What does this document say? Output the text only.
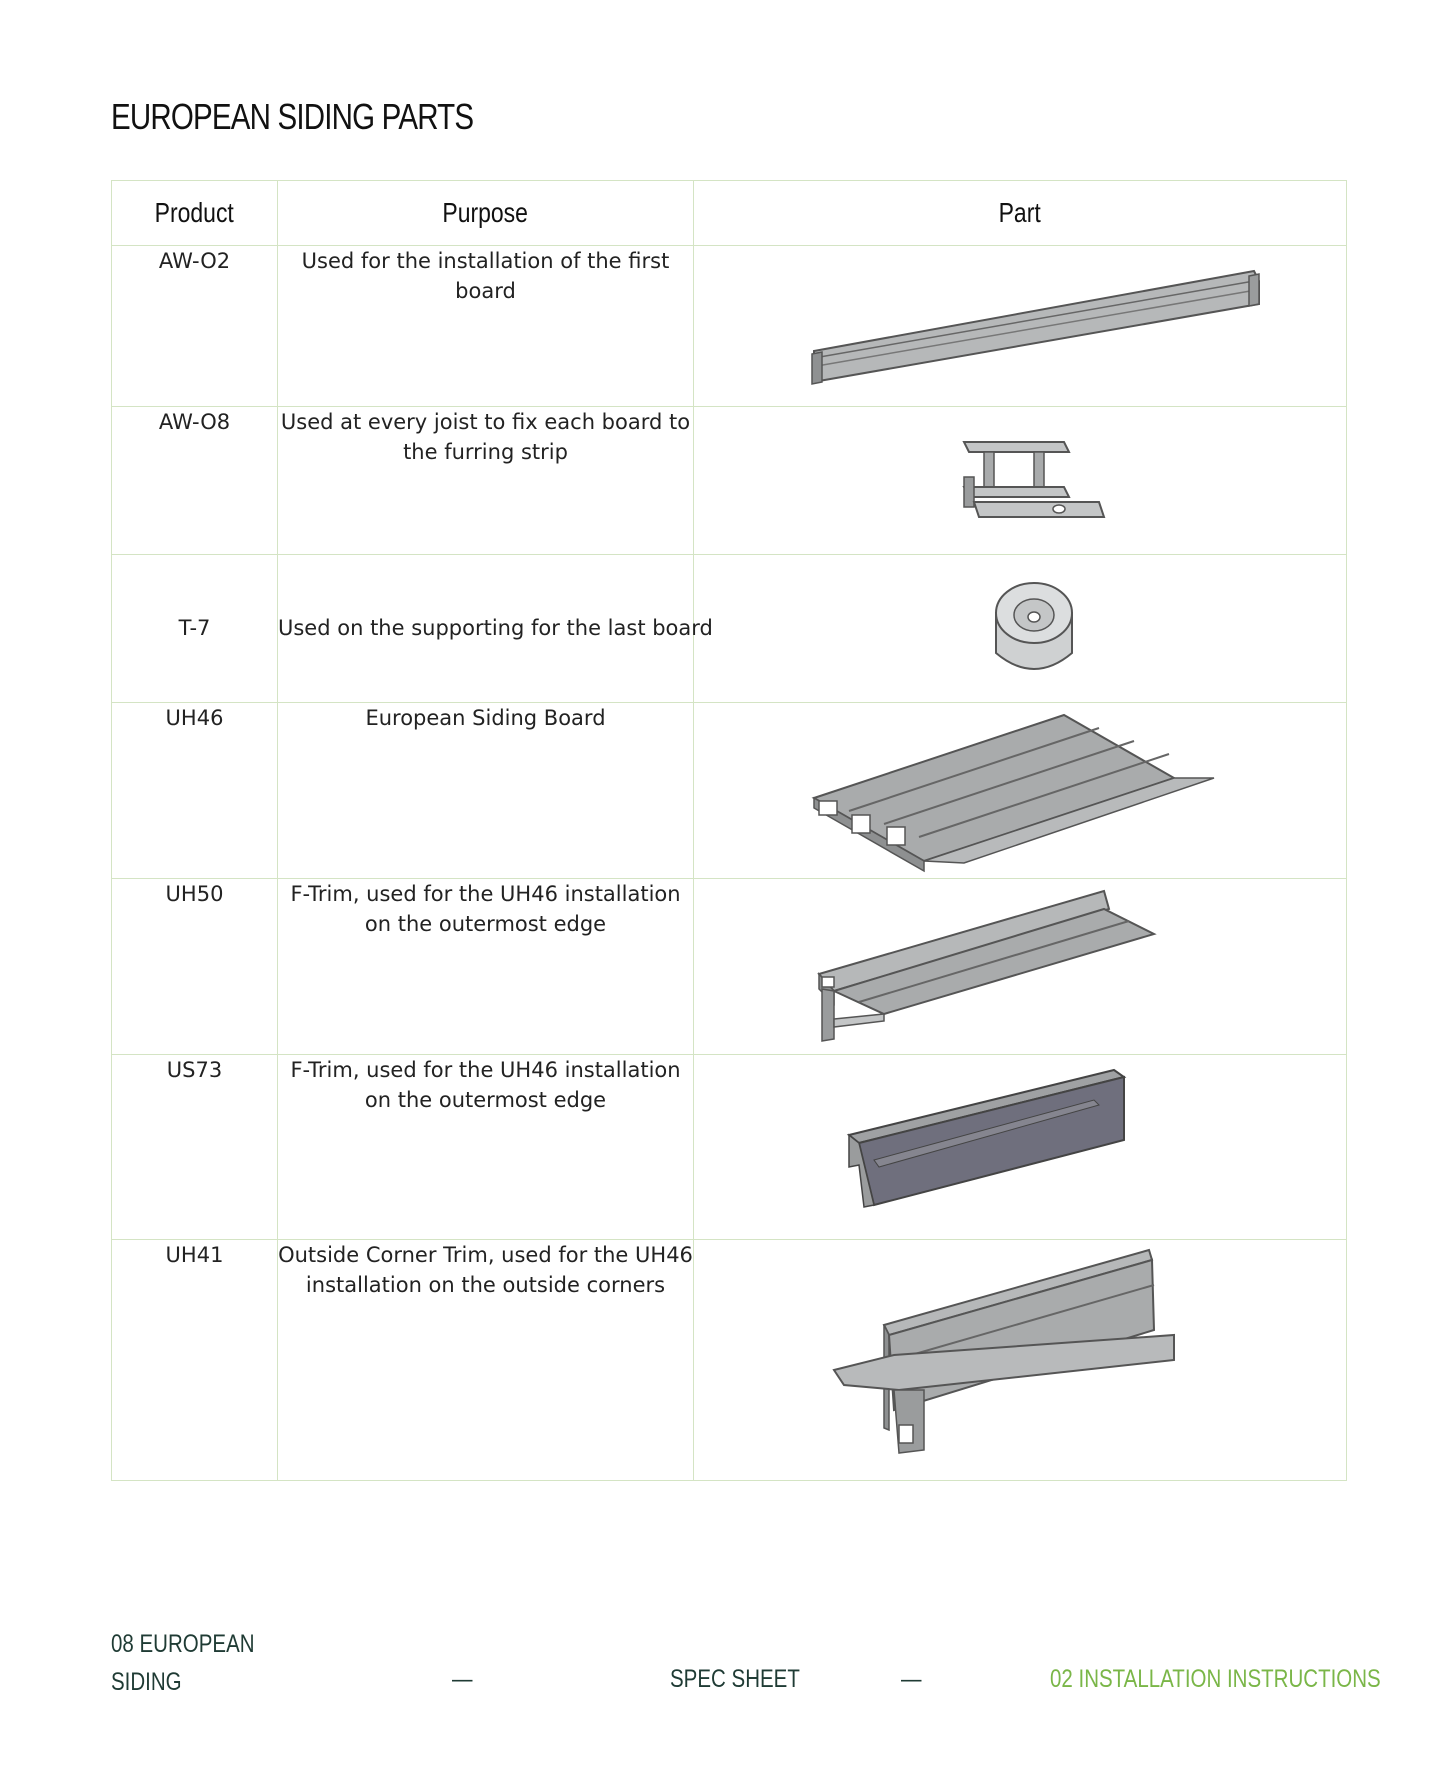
EUROPEAN SIDING PARTS
Product	Purpose	Part
AW-O2	Used for the installation of the first board	

AW-O8	Used at every joist to fix each board to the furring strip	

T-7	Used on the supporting for the last board	

UH46	European Siding Board	

UH50	F-Trim, used for the UH46 installation on the outermost edge	

US73	F-Trim, used for the UH46 installation on the outermost edge	

UH41	Outside Corner Trim, used for the UH46 installation on the outside corners	
08 EUROPEAN SIDING	—	SPEC SHEET	—	02 INSTALLATION INSTRUCTIONS
